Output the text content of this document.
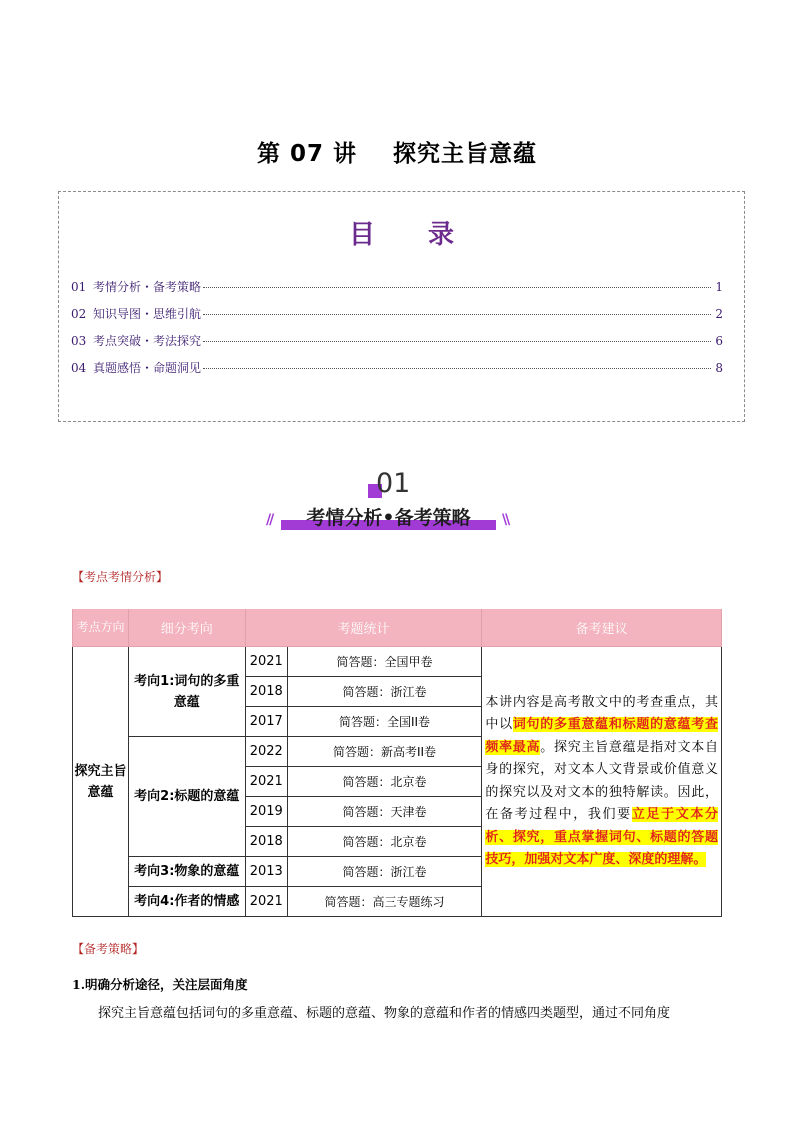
第 07 讲    探究主旨意蕴
目 录
01 考情分析・备考策略	1
02 知识导图・思维引航	2
03 考点突破・考法探究	6
04 真题感悟・命题洞见	8
01
//	考情分析•备考策略	\\
【考点考情分析】
考点方向	细分考向	考题统计		备考建议
探究主旨意蕴	考向1:词句的多重意蕴	2021	简答题：全国甲卷	本讲内容是高考散文中的考查重点，其中以词句的多重意蕴和标题的意蕴考查频率最高。探究主旨意蕴是指对文本自身的探究，对文本人文背景或价值意义的探究以及对文本的独特解读。因此，在备考过程中，我们要立足于文本分析、探究，重点掌握词句、标题的答题技巧，加强对文本广度、深度的理解。
		2018	简答题：浙江卷	
		2017	简答题：全国II卷	
	考向2:标题的意蕴	2022	简答题：新高考II卷	
		2021	简答题：北京卷	
		2019	简答题：天津卷	
		2018	简答题：北京卷	
	考向3:物象的意蕴	2013	简答题：浙江卷	
	考向4:作者的情感	2021	简答题：高三专题练习	
【备考策略】
1.明确分析途径，关注层面角度
探究主旨意蕴包括词句的多重意蕴、标题的意蕴、物象的意蕴和作者的情感四类题型，通过不同角度
